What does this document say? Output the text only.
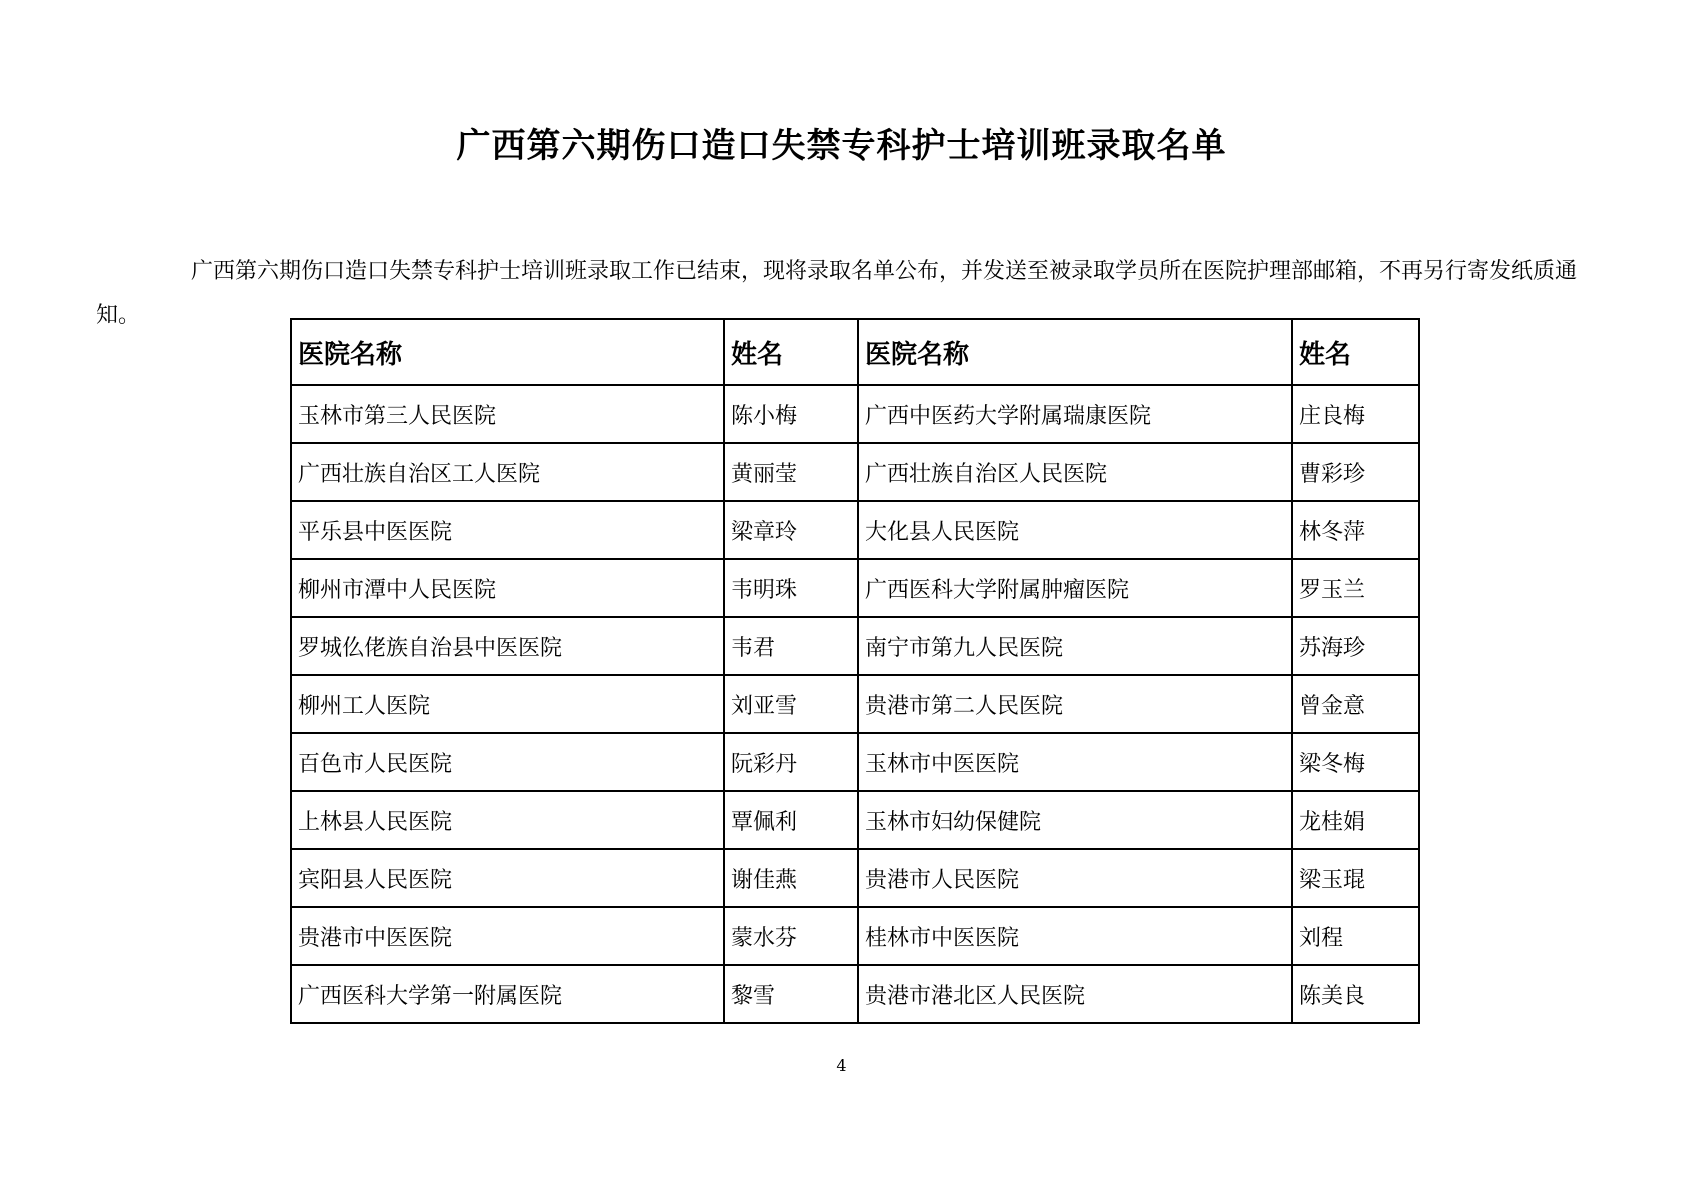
广西第六期伤口造口失禁专科护士培训班录取名单

广西第六期伤口造口失禁专科护士培训班录取工作已结束，现将录取名单公布，并发送至被录取学员所在医院护理部邮箱，不再另行寄发纸质通知。

医院名称	姓名	医院名称	姓名
玉林市第三人民医院	陈小梅	广西中医药大学附属瑞康医院	庄良梅
广西壮族自治区工人医院	黄丽莹	广西壮族自治区人民医院	曹彩珍
平乐县中医医院	梁章玲	大化县人民医院	林冬萍
柳州市潭中人民医院	韦明珠	广西医科大学附属肿瘤医院	罗玉兰
罗城仫佬族自治县中医医院	韦君	南宁市第九人民医院	苏海珍
柳州工人医院	刘亚雪	贵港市第二人民医院	曾金意
百色市人民医院	阮彩丹	玉林市中医医院	梁冬梅
上林县人民医院	覃佩利	玉林市妇幼保健院	龙桂娟
宾阳县人民医院	谢佳燕	贵港市人民医院	梁玉琨
贵港市中医医院	蒙水芬	桂林市中医医院	刘程
广西医科大学第一附属医院	黎雪	贵港市港北区人民医院	陈美良
4
